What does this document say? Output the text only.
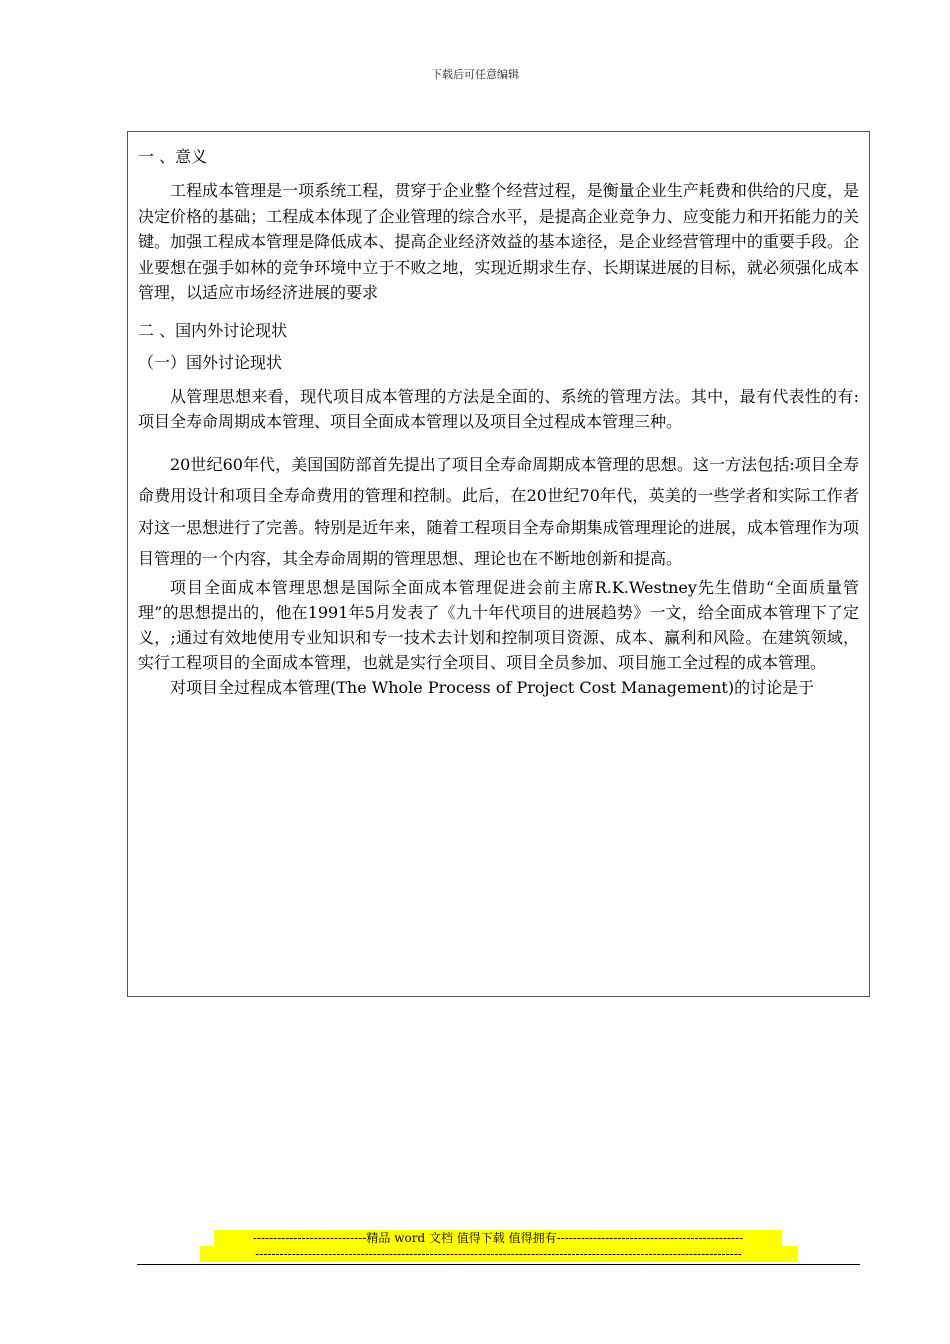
下载后可任意编辑
一 、意义

工程成本管理是一项系统工程，贯穿于企业整个经营过程，是衡量企业生产耗费和供给的尺度，是决定价格的基础；工程成本体现了企业管理的综合水平，是提高企业竞争力、应变能力和开拓能力的关键。加强工程成本管理是降低成本、提高企业经济效益的基本途径，是企业经营管理中的重要手段。企业要想在强手如林的竞争环境中立于不败之地，实现近期求生存、长期谋进展的目标，就必须强化成本管理，以适应市场经济进展的要求

二 、国内外讨论现状
（一）国外讨论现状

从管理思想来看，现代项目成本管理的方法是全面的、系统的管理方法。其中，最有代表性的有:项目全寿命周期成本管理、项目全面成本管理以及项目全过程成本管理三种。

20世纪60年代，美国国防部首先提出了项目全寿命周期成本管理的思想。这一方法包括:项目全寿命费用设计和项目全寿命费用的管理和控制。此后，在20世纪70年代，英美的一些学者和实际工作者对这一思想进行了完善。特别是近年来，随着工程项目全寿命期集成管理理论的进展，成本管理作为项目管理的一个内容，其全寿命周期的管理思想、理论也在不断地创新和提高。

项目全面成本管理思想是国际全面成本管理促进会前主席R.K.Westney先生借助“全面质量管理”的思想提出的，他在1991年5月发表了《九十年代项目的进展趋势》一文，给全面成本管理下了定义，;通过有效地使用专业知识和专一技术去计划和控制项目资源、成本、赢利和风险。在建筑领域，实行工程项目的全面成本管理，也就是实行全项目、项目全员参加、项目施工全过程的成本管理。

对项目全过程成本管理(The Whole Process of Project Cost Management)的讨论是于

----------------------------精品 word 文档 值得下载 值得拥有----------------------------------------------
------------------------------------------------------------------------------------------------------------------------
